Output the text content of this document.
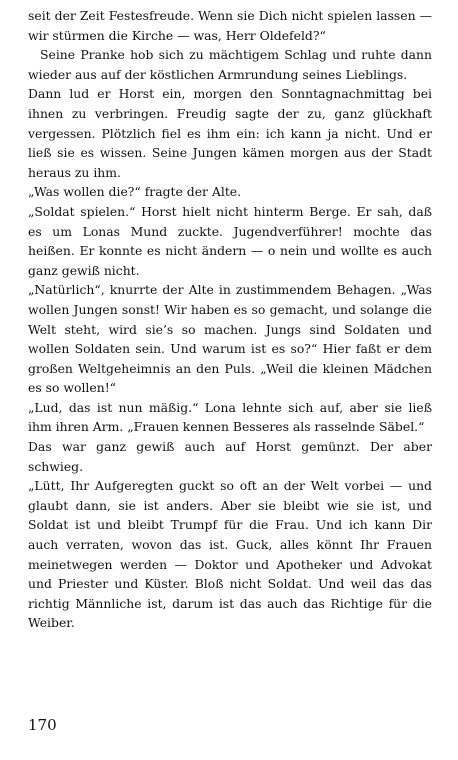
seit der Zeit Festesfreude. Wenn sie Dich nicht spielen lassen — wir stürmen die Kirche — was, Herr Oldefeld?“

Seine Pranke hob sich zu mächtigem Schlag und ruhte dann wieder aus auf der köstlichen Armrundung seines Lieblings.

Dann lud er Horst ein, morgen den Sonntagnachmittag bei ihnen zu verbringen. Freudig sagte der zu, ganz glückhaft vergessen. Plötzlich fiel es ihm ein: ich kann ja nicht. Und er ließ sie es wissen. Seine Jungen kämen morgen aus der Stadt heraus zu ihm.

„Was wollen die?“ fragte der Alte.

„Soldat spielen.“ Horst hielt nicht hinterm Berge. Er sah, daß es um Lonas Mund zuckte. Jugendverführer! mochte das heißen. Er konnte es nicht ändern — o nein und wollte es auch ganz gewiß nicht.

„Natürlich“, knurrte der Alte in zustimmendem Behagen. „Was wollen Jungen sonst! Wir haben es so gemacht, und solange die Welt steht, wird sie’s so machen. Jungs sind Soldaten und wollen Soldaten sein. Und warum ist es so?“ Hier faßt er dem großen Weltgeheimnis an den Puls. „Weil die kleinen Mädchen es so wollen!“

„Lud, das ist nun mäßig.“ Lona lehnte sich auf, aber sie ließ ihm ihren Arm. „Frauen kennen Besseres als rasselnde Säbel.“

Das war ganz gewiß auch auf Horst gemünzt. Der aber schwieg.

„Lütt, Ihr Aufgeregten guckt so oft an der Welt vorbei — und glaubt dann, sie ist anders. Aber sie bleibt wie sie ist, und Soldat ist und bleibt Trumpf für die Frau. Und ich kann Dir auch verraten, wovon das ist. Guck, alles könnt Ihr Frauen meinetwegen werden — Doktor und Apotheker und Advokat und Priester und Küster. Bloß nicht Soldat. Und weil das das richtig Männliche ist, darum ist das auch das Richtige für die Weiber.

170
